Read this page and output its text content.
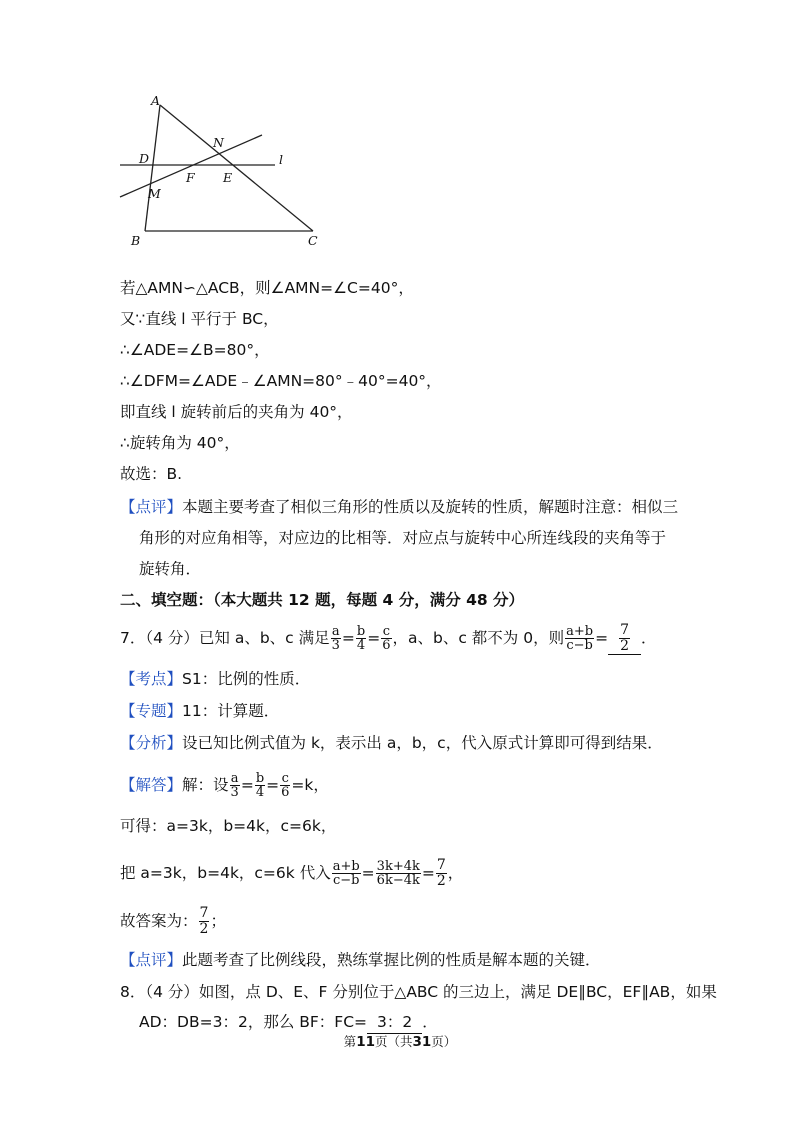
A
D
M
F E
N
l
B	C
若△AMN∽△ACB，则∠AMN=∠C=40°，
又∵直线 l 平行于 BC，
∴∠ADE=∠B=80°，
∴∠DFM=∠ADE﹣∠AMN=80°﹣40°=40°，
即直线 l 旋转前后的夹角为 40°，
∴旋转角为 40°，
故选：B.
【点评】本题主要考查了相似三角形的性质以及旋转的性质，解题时注意：相似三
角形的对应角相等，对应边的比相等．对应点与旋转中心所连线段的夹角等于
旋转角．
二、填空题：（本大题共 12 题，每题 4 分，满分 48 分）
7．（4 分）已知 a、b、c 满足 $\frac{a}{3} = \frac{b}{4} = \frac{c}{6}$ ，a、b、c 都不为 0，则 $\frac{a+b}{c-b} = \frac{7}{2}$ ．
【考点】S1：比例的性质．
【专题】11：计算题．
【分析】设已知比例式值为 k，表示出 a，b，c，代入原式计算即可得到结果．
【解答】解：设 $\frac{a}{3} = \frac{b}{4} = \frac{c}{6} =k$，
可得：a=3k，b=4k，c=6k，
把 a=3k，b=4k，c=6k 代入 $\frac{a+b}{c-b} = \frac{3k+4k}{6k-4k} = \frac{7}{2}$ ，
故答案为： $\frac{7}{2}$ ；
【点评】此题考查了比例线段，熟练掌握比例的性质是解本题的关键．
8．（4 分）如图，点 D、E、F 分别位于△ABC 的三边上，满足 DE∥BC，EF∥AB，如果
AD：DB=3：2，那么 BF：FC= 3：2 ．
第11页（共31页）
